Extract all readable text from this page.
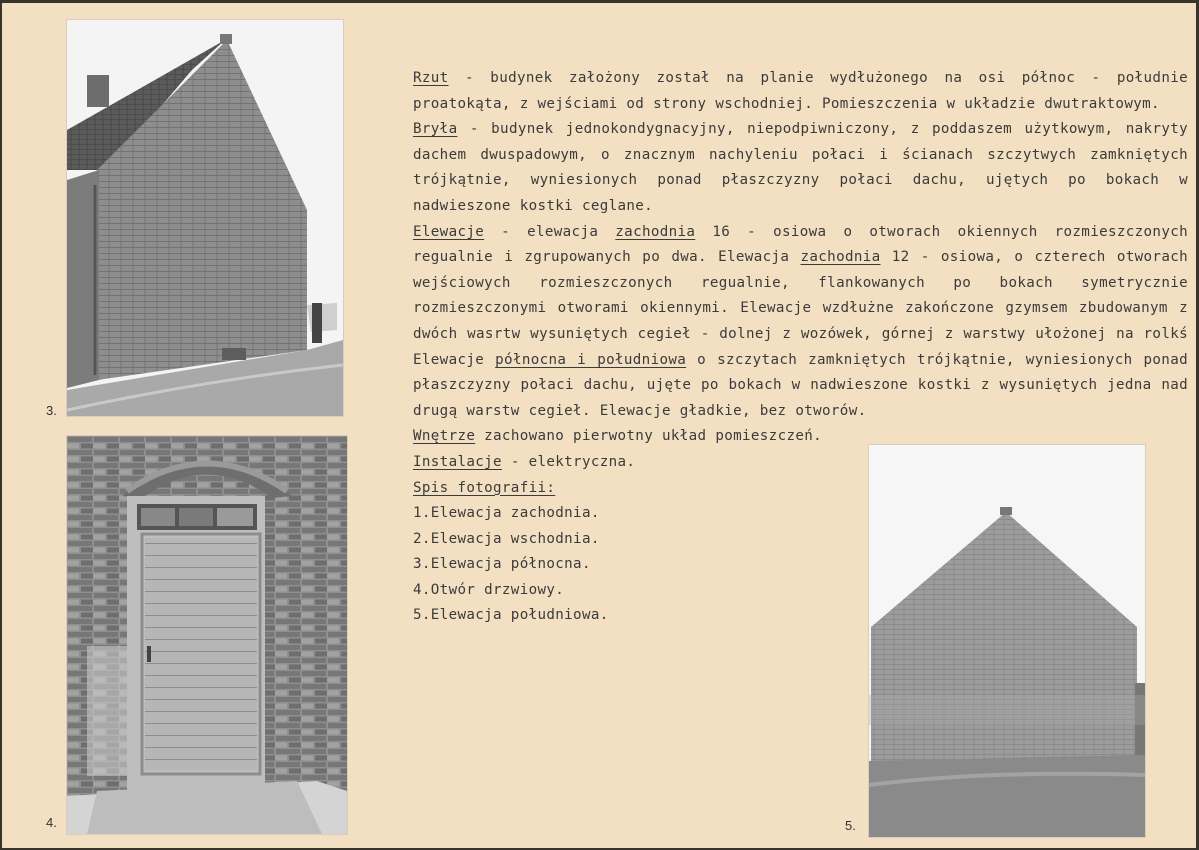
3.
4.	5.

Rzut - budynek założony został na planie wydłużonego na osi północ - południe proatokąta, z wejściami od strony wschodniej. Pomieszczenia w układzie dwutraktowym.

Bryła - budynek jednokondygnacyjny, niepodpiwniczony, z poddaszem użytkowym, nakryty dachem dwuspadowym, o znacznym nachyleniu połaci i ścianach szczytwych zamkniętych trójkątnie, wyniesionych ponad płaszczyzny połaci dachu, ujętych po bokach w nadwieszone kostki ceglane.

Elewacje - elewacja zachodnia 16 - osiowa o otworach okiennych rozmieszczonych regualnie i zgrupowanych po dwa. Elewacja zachodnia 12 - osiowa, o czterech otworach wejściowych rozmieszczonych regualnie, flankowanych po bokach symetrycznie rozmieszczonymi otworami okiennymi. Elewacje wzdłużne zakończone gzymsem zbudowanym z dwóch wasrtw wysuniętych cegieł - dolnej z wozówek, górnej z warstwy ułożonej na rolkś Elewacje północna i południowa o szczytach zamkniętych trójkątnie, wyniesionych ponad płaszczyzny połaci dachu, ujęte po bokach w nadwieszone kostki z wysuniętych jedna nad drugą warstw cegieł. Elewacje gładkie, bez otworów.

Wnętrze zachowano pierwotny układ pomieszczeń.

Instalacje - elektryczna.

Spis fotografii:

1.Elewacja zachodnia.
2.Elewacja wschodnia.
3.Elewacja północna.
4.Otwór drzwiowy.
5.Elewacja południowa.
